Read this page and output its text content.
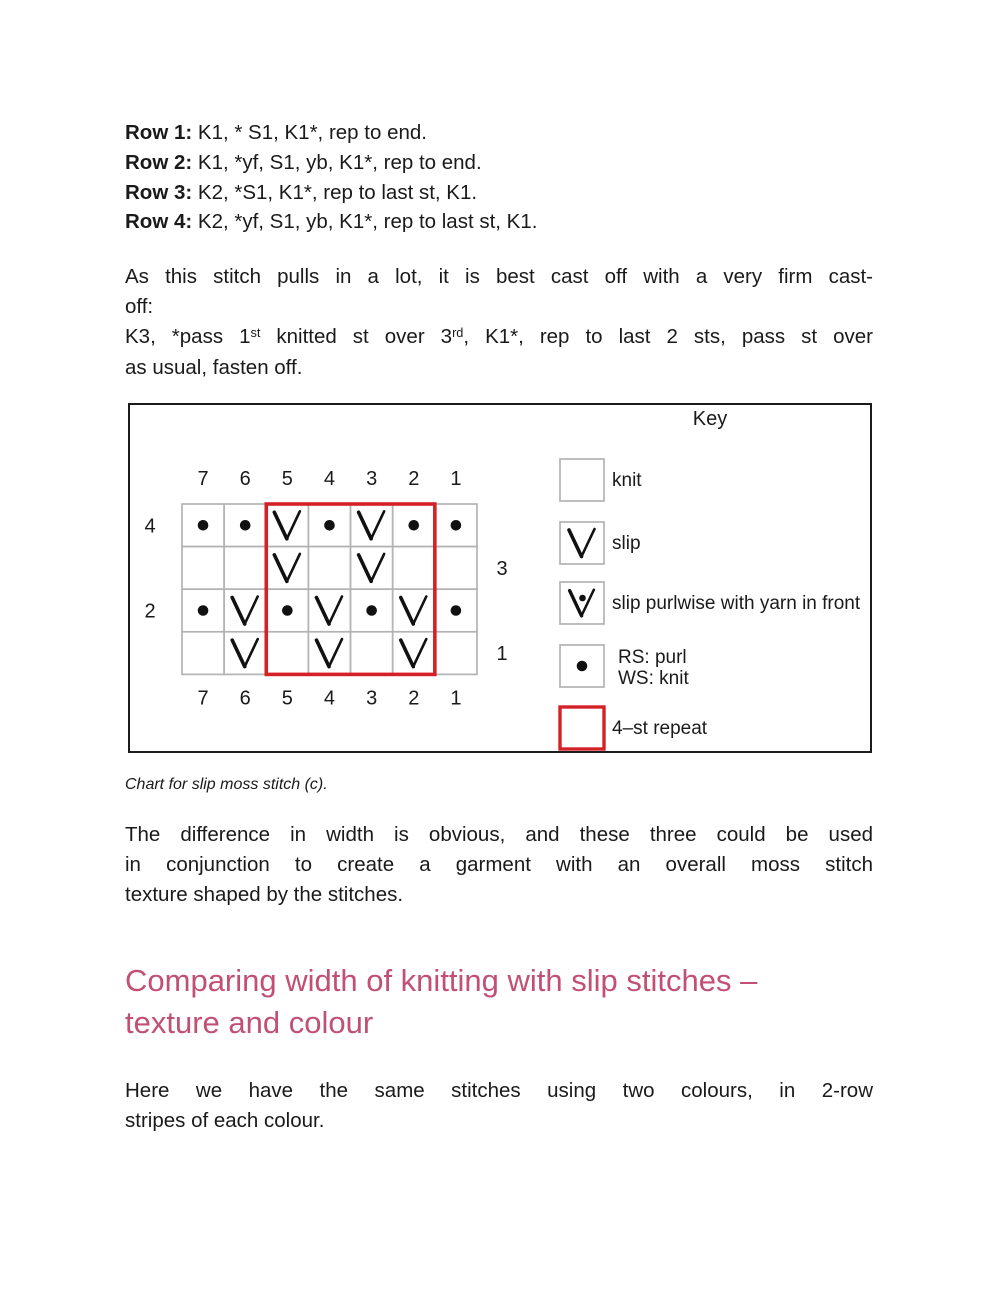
Row 1: K1, * S1, K1*, rep to end.
Row 2: K1, *yf, S1, yb, K1*, rep to end.
Row 3: K2, *S1, K1*, rep to last st, K1.
Row 4: K2, *yf, S1, yb, K1*, rep to last st, K1.
As this stitch pulls in a lot, it is best cast off with a very firm cast-
off:
K3, *pass 1st knitted st over 3rd, K1*, rep to last 2 sts, pass st over
as usual, fasten off.
7 6 5 4 3 2 1
7 6 5 4 3 2 1
4
2
3
1
Key
knit
slip
slip purlwise with yarn in front
RS: purl
WS: knit
4–st repeat
Chart for slip moss stitch (c).
The difference in width is obvious, and these three could be used
in conjunction to create a garment with an overall moss stitch
texture shaped by the stitches.
Comparing width of knitting with slip stitches –
texture and colour
Here we have the same stitches using two colours, in 2-row
stripes of each colour.
